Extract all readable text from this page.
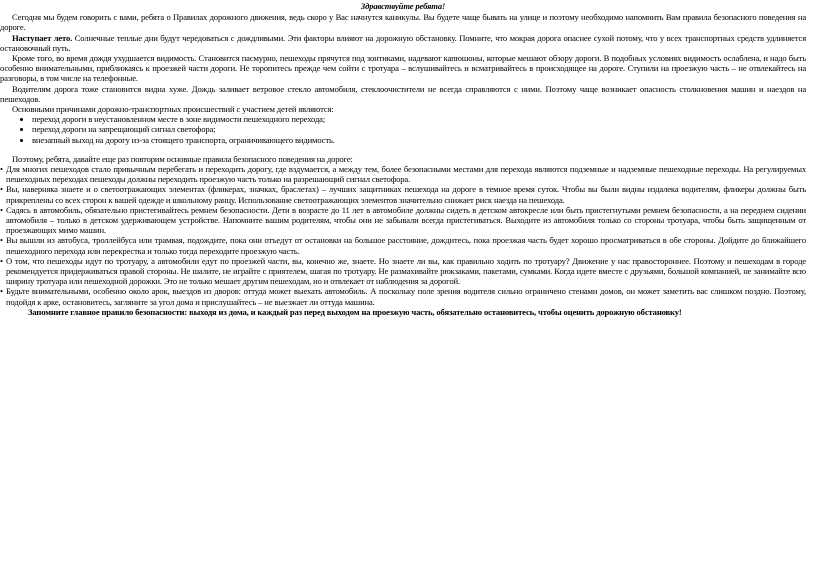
Здравствуйте ребята!

Сегодня мы будем говорить с вами, ребята о Правилах дорожного движения, ведь скоро у Вас начнутся каникулы. Вы будете чаще бывать на улице и поэтому необходимо напомнить Вам правила безопасного поведения на дороге.

Наступает лето. Солнечные теплые дни будут чередоваться с дождливыми. Эти факторы влияют на дорожную обстановку. Помните, что мокрая дорога опаснее сухой потому, что у всех транспортных средств удлиняется остановочный путь.

Кроме того, во время дождя ухудшается видимость. Становится пасмурно, пешеходы прячутся под зонтиками, надевают капюшоны, которые мешают обзору дороги. В подобных условиях видимость ослаблена, и надо быть особенно внимательными, приближаясь к проезжей части дороги. Не торопитесь прежде чем сойти с тротуара – вслушивайтесь и всматривайтесь в происходящее на дороге. Ступили на проезжую часть – не отвлекайтесь на разговоры, в том числе на телефонные.

Водителям дорога тоже становится видна хуже. Дождь заливает ветровое стекло автомобиля, стеклоочистители не всегда справляются с ними. Поэтому чаще возникает опасность столкновения машин и наездов на пешеходов.

Основными причинами дорожно-транспортных происшествий с участием детей являются:

• переход дороги в неустановленном месте в зоне видимости пешеходного перехода;
• переход дороги на запрещающий сигнал светофора;
• внезапный выход на дорогу из-за стоящего транспорта, ограничивающего видимость.

Поэтому, ребята, давайте еще раз повторим основные правила безопасного поведения на дороге:

• Для многих пешеходов стало привычным перебегать и переходить дорогу, где вздумается, а между тем, более безопасными местами для перехода являются подземные и надземные пешеходные переходы. На регулируемых пешеходных переходах пешеходы должны переходить проезжую часть только на разрешающий сигнал светофора.
• Вы, наверняка знаете и о светоотражающих элементах (фликерах, значках, браслетах) – лучших защитниках пешехода на дороге в темное время суток. Чтобы вы были видны издалека водителям, фликеры должны быть прикреплены со всех сторон к вашей одежде и школьному ранцу. Использование светоотражающих элементов значительно снижает риск наезда на пешехода.
• Садясь в автомобиль, обязательно пристегивайтесь ремнем безопасности. Дети в возрасте до 11 лет в автомобиле должны сидеть в детском автокресле или быть пристегнутыми ремнем безопасности, а на переднем сидении автомобиля – только в детском удерживающем устройстве. Напомните вашим родителям, чтобы они не забывали всегда пристегиваться. Выходите из автомобиля только со стороны тротуара, чтобы быть защищенным от проезжающих мимо машин.
• Вы вышли из автобуса, троллейбуса или трамвая, подождите, пока они отъедут от остановки на большое расстояние, дождитесь, пока проезжая часть будет хорошо просматриваться в обе стороны. Дойдите до ближайшего пешеходного перехода или перекрестка и только тогда переходите проезжую часть.
• О том, что пешеходы идут по тротуару, а автомобили едут по проезжей части, вы, конечно же, знаете. Но знаете ли вы, как правильно ходить по тротуару? Движение у нас правостороннее. Поэтому и пешеходам в городе рекомендуется придерживаться правой стороны. Не шалите, не играйте с приятелем, шагая по тротуару. Не размахивайте рюкзаками, пакетами, сумками. Когда идете вместе с друзьями, большой компанией, не занимайте всю ширину тротуара или пешеходной дорожки. Это не только мешает другим пешеходам, но и отвлекает от наблюдения за дорогой.
• Будьте внимательными, особенно около арок, выездов из дворов: оттуда может выехать автомобиль. А поскольку поле зрения водителя сильно ограничено стенами домов, он может заметить вас слишком поздно. Поэтому, подойдя к арке, остановитесь, загляните за угол дома и прислушайтесь – не выезжает ли оттуда машина.

Запомните главное правило безопасности: выходя из дома, и каждый раз перед выходом на проезжую часть, обязательно остановитесь, чтобы оценить дорожную обстановку!
